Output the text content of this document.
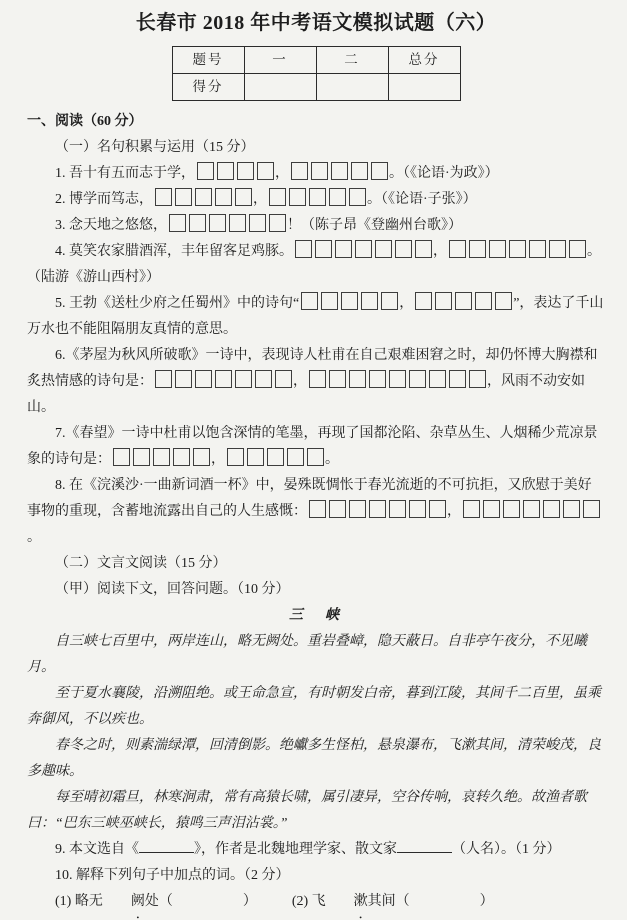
长春市 2018 年中考语文模拟试题（六）
题号	一	二	总分
得分			

一、阅读（60 分）

（一）名句积累与运用（15 分）

1. 吾十有五而志于学，	，	。（《论语·为政》）

2. 博学而笃志，	，	。（《论语·子张》）

3. 念天地之悠悠，	！（陈子昂《登幽州台歌》）

4. 莫笑农家腊酒浑，丰年留客足鸡豚。	，	。（陆游《游山西村》）

5. 王勃《送杜少府之任蜀州》中的诗句“	，	”，表达了千山万水也不能阻隔朋友真情的意思。

6.《茅屋为秋风所破歌》一诗中，表现诗人杜甫在自己艰难困窘之时，却仍怀博大胸襟和炙热情感的诗句是：	，	，风雨不动安如山。

7.《春望》一诗中杜甫以饱含深情的笔墨，再现了国都沦陷、杂草丛生、人烟稀少荒凉景象的诗句是：	，	。

8. 在《浣溪沙·一曲新词酒一杯》中，晏殊既惆怅于春光流逝的不可抗拒，又欣慰于美好事物的重现，含蓄地流露出自己的人生感慨：	，。

（二）文言文阅读（15 分）

（甲）阅读下文，回答问题。（10 分）

三　峡

自三峡七百里中，两岸连山，略无阙处。重岩叠嶂，隐天蔽日。自非亭午夜分，不见曦月。

至于夏水襄陵，沿溯阻绝。或王命急宣，有时朝发白帝，暮到江陵，其间千二百里，虽乘奔御风，不以疾也。

春冬之时，则素湍绿潭，回清倒影。绝巘多生怪柏，悬泉瀑布，飞漱其间，清荣峻茂，良多趣味。

每至晴初霜旦，林寒涧肃，常有高猿长啸，属引凄异，空谷传响，哀转久绝。故渔者歌曰：“巴东三峡巫峡长，猿鸣三声泪沾裳。”

9. 本文选自《	》，作者是北魏地理学家、散文家	（人名）。（1 分）

10. 解释下列句子中加点的词。（2 分）

(1) 略无 阙处（　　　　　）　　　(2) 飞 漱其间（　　　　　）
